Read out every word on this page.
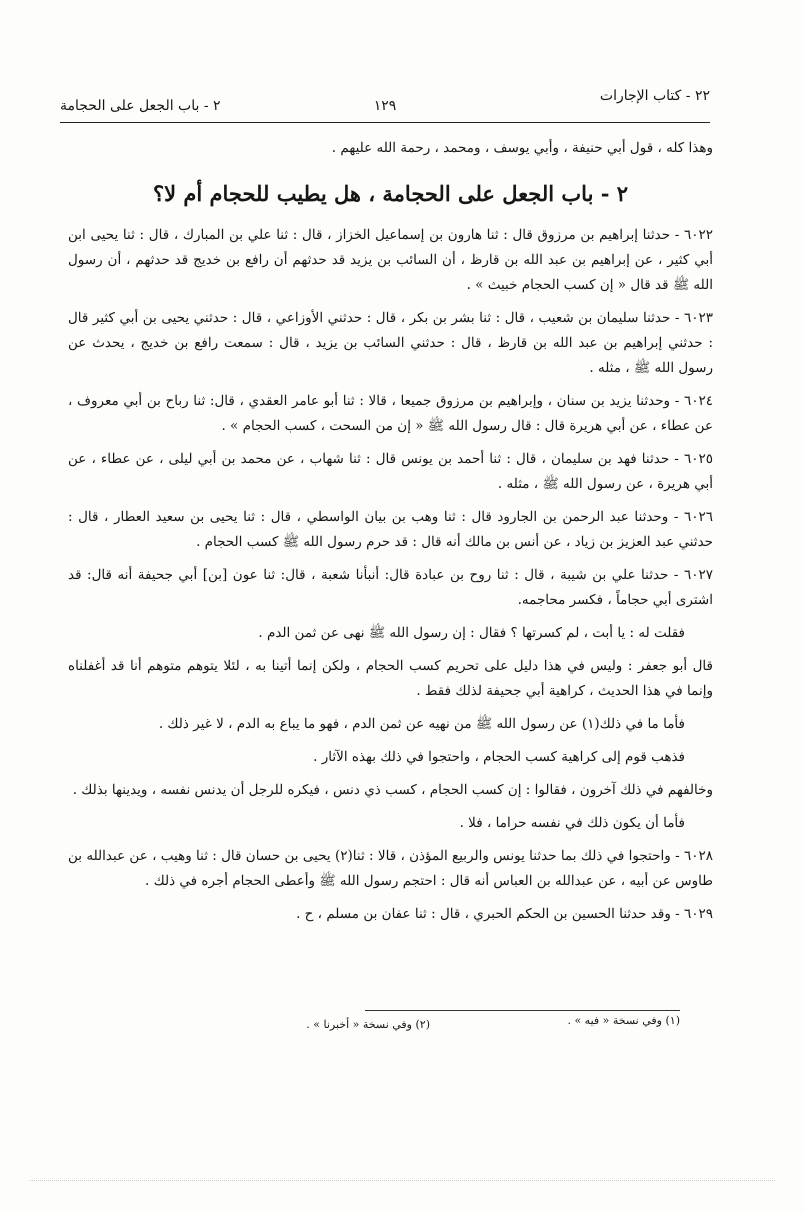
٢٢ - كتاب الإجارات
١٢٩
٢ - باب الجعل على الحجامة

وهذا كله ، قول أبي حنيفة ، وأبي يوسف ، ومحمد ، رحمة الله عليهم .

٢ - باب الجعل على الحجامة ، هل يطيب للحجام أم لا؟

٦٠٢٢ - حدثنا إبراهيم بن مرزوق قال : ثنا هارون بن إسماعيل الخزاز ، قال : ثنا علي بن المبارك ، قال : ثنا يحيى ابن أبي كثير ، عن إبراهيم بن عبد الله بن قارظ ، أن السائب بن يزيد قد حدثهم أن رافع بن خديج قد حدثهم ، أن رسول الله ﷺ قد قال « إن كسب الحجام خبيث » .

٦٠٢٣ - حدثنا سليمان بن شعيب ، قال : ثنا بشر بن بكر ، قال : حدثني الأوزاعي ، قال : حدثني يحيى بن أبي كثير قال : حدثني إبراهيم بن عبد الله بن قارظ ، قال : حدثني السائب بن يزيد ، قال : سمعت رافع بن خديج ، يحدث عن رسول الله ﷺ ، مثله .

٦٠٢٤ - وحدثنا يزيد بن سنان ، وإبراهيم بن مرزوق جميعا ، قالا : ثنا أبو عامر العقدي ، قال: ثنا رباح بن أبي معروف ، عن عطاء ، عن أبي هريرة قال : قال رسول الله ﷺ « إن من السحت ، كسب الحجام » .

٦٠٢٥ - حدثنا فهد بن سليمان ، قال : ثنا أحمد بن يونس قال : ثنا شهاب ، عن محمد بن أبي ليلى ، عن عطاء ، عن أبي هريرة ، عن رسول الله ﷺ ، مثله .

٦٠٢٦ - وحدثنا عبد الرحمن بن الجارود قال : ثنا وهب بن بيان الواسطي ، قال : ثنا يحيى بن سعيد العطار ، قال : حدثني عبد العزيز بن زياد ، عن أنس بن مالك أنه قال : قد حرم رسول الله ﷺ كسب الحجام .

٦٠٢٧ - حدثنا علي بن شيبة ، قال : ثنا روح بن عبادة قال: أنبأنا شعبة ، قال: ثنا عون [بن] أبي جحيفة أنه قال: قد اشترى أبي حجاماً ، فكسر محاجمه.

فقلت له : يا أبت ، لم كسرتها ؟ فقال : إن رسول الله ﷺ نهى عن ثمن الدم .

قال أبو جعفر : وليس في هذا دليل على تحريم كسب الحجام ، ولكن إنما أتينا به ، لئلا يتوهم متوهم أنا قد أغفلناه وإنما في هذا الحديث ، كراهية أبي جحيفة لذلك فقط .

فأما ما في ذلك(١) عن رسول الله ﷺ من نهيه عن ثمن الدم ، فهو ما يباع به الدم ، لا غير ذلك .

فذهب قوم إلى كراهية كسب الحجام ، واحتجوا في ذلك بهذه الآثار .

وخالفهم في ذلك آخرون ، فقالوا : إن كسب الحجام ، كسب ذي دنس ، فيكره للرجل أن يدنس نفسه ، ويدينها بذلك .

فأما أن يكون ذلك في نفسه حراما ، فلا .

٦٠٢٨ - واحتجوا في ذلك بما حدثنا يونس والربيع المؤذن ، قالا : ثنا(٢) يحيى بن حسان قال : ثنا وهيب ، عن عبدالله بن طاوس عن أبيه ، عن عبدالله بن العباس أنه قال : احتجم رسول الله ﷺ وأعطى الحجام أجره في ذلك .

٦٠٢٩ - وقد حدثنا الحسين بن الحكم الحبري ، قال : ثنا عفان بن مسلم ، ح .

(١) وفي نسخة « فيه » .
(٢) وفي نسخة « أخبرنا » .
